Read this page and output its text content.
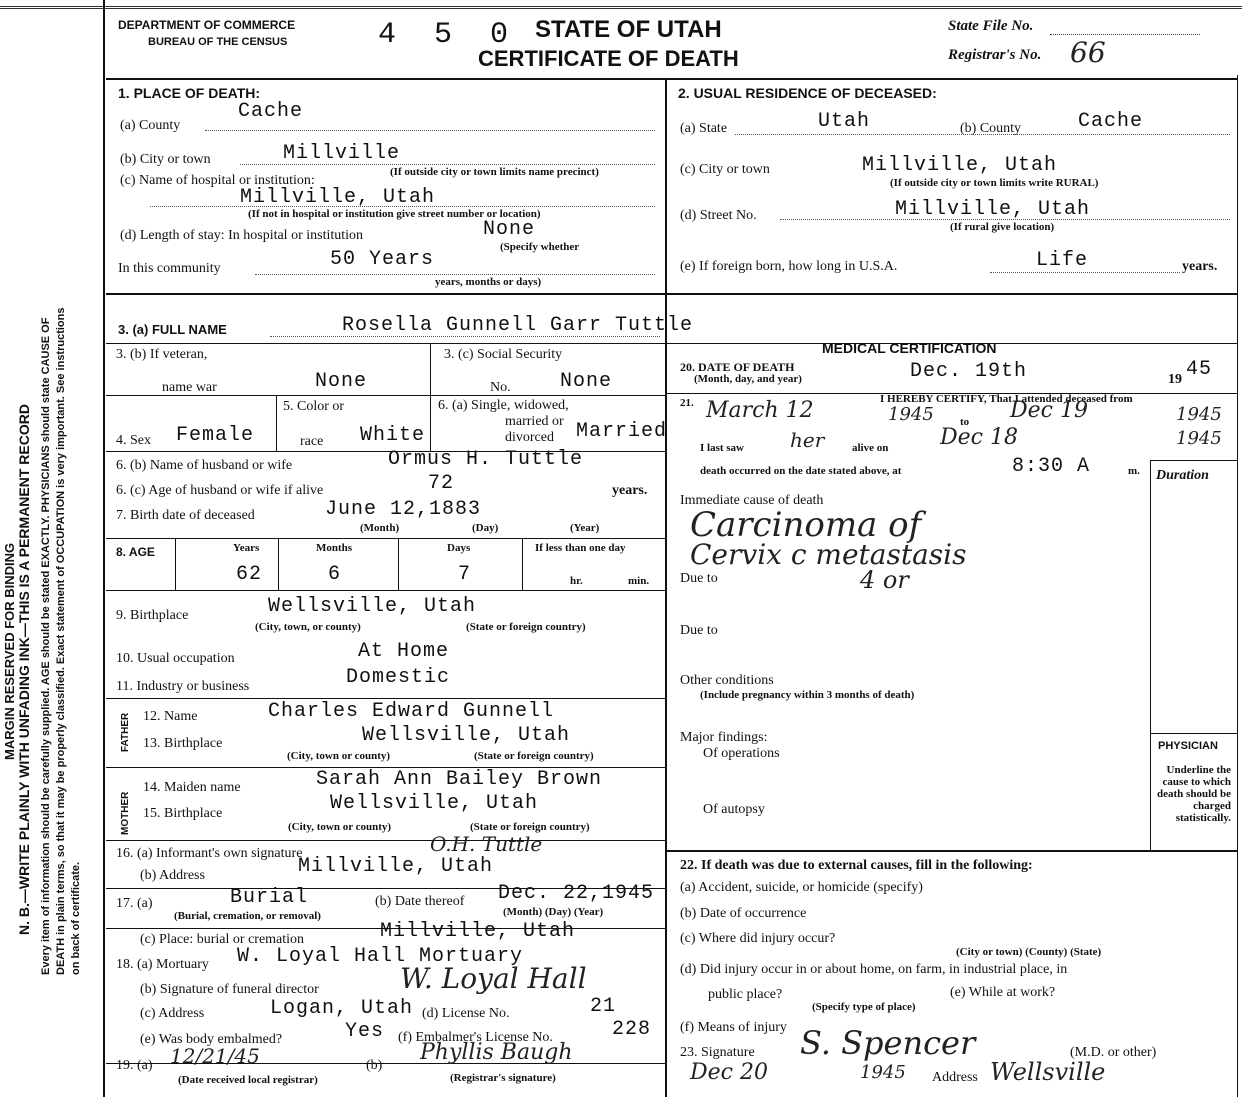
MARGIN RESERVED FOR BINDING N. B.—WRITE PLAINLY WITH UNFADING INK—THIS IS A PERMANENT RECORD Every item of information should be carefully supplied. AGE should be stated EXACTLY. PHYSICIANS should state CAUSE OF DEATH in plain terms, so that it may be properly classified. Exact statement of OCCUPATION is very important. See instructions on back of certificate.
DEPARTMENT OF COMMERCE
BUREAU OF THE CENSUS	4 5 0 STATE OF UTAH
CERTIFICATE OF DEATH
State File No.
Registrar's No. 66
1. PLACE OF DEATH:
(a) County
Cache
(b) City or town	Millville
(c) Name of hospital or institution:
(If outside city or town limits name precinct)
Millville, Utah
(If not in hospital or institution give street number or location)
(d) Length of stay: In hospital or institution	None
(Specify whether
In this community	50 Years
years, months or days)
2. USUAL RESIDENCE OF DECEASED:
(a) State	Utah	(b) County	Cache
(c) City or town	Millville, Utah
(If outside city or town limits write RURAL)
(d) Street No.	Millville, Utah
(If rural give location)
(e) If foreign born, how long in U.S.A.	Life	years.
3. (a) FULL NAME	Rosella Gunnell Garr Tuttle
3. (b) If veteran,
name war	None
3. (c) Social Security
No. None
4. Sex Female
5. Color or
race White
6. (a) Single, widowed,
married or
divorced Married
6. (b) Name of husband or wife	Ormus H. Tuttle
6. (c) Age of husband or wife if alive	72	years.
7. Birth date of deceased	June 12,1883
(Month)	(Day)	(Year)
8. AGE	Years	Months	Days	If less than one day
62	6	7	hr.	min.
9. Birthplace	Wellsville, Utah
(City, town, or county)	(State or foreign country)
10. Usual occupation	At Home
11. Industry or business	Domestic
FATHER
MOTHER
12. Name	Charles Edward Gunnell
13. Birthplace	Wellsville, Utah
(City, town or county)	(State or foreign country)
14. Maiden name	Sarah Ann Bailey Brown
15. Birthplace	Wellsville, Utah
(City, town or county)	(State or foreign country)
16. (a) Informant's own signature	O.H. Tuttle
(b) Address	Millville, Utah
17. (a)	Burial
(Burial, cremation, or removal)
(b) Date thereof Dec. 22,1945
(Month) (Day) (Year)
(c) Place: burial or cremation	Millville, Utah
18. (a) Mortuary W. Loyal Hall Mortuary
(b) Signature of funeral director	W. Loyal Hall
(c) Address	Logan, Utah (d) License No.	21
(e) Was body embalmed?	Yes (f) Embalmer's License No.	228
19. (a) 12/21/45
(Date received local registrar)
(b)
Phyllis Baugh
(Registrar's signature)
MEDICAL CERTIFICATION
20. DATE OF DEATH
(Month, day, and year)	Dec. 19th	19 45
21.	I HEREBY CERTIFY, That I attended deceased from
March 12	1945 to Dec 19	1945
I last saw her	alive on Dec 18	1945
death occurred on the date stated above, at	8:30 A	m. Duration
Immediate cause of death
Carcinoma of
Cervix c metastasis
4 or
Due to
Due to
Other conditions
(Include pregnancy within 3 months of death)
Major findings:
Of operations
Of autopsy
PHYSICIAN
Underline the cause to which death should be charged statistically.
22. If death was due to external causes, fill in the following:
(a) Accident, suicide, or homicide (specify)
(b) Date of occurrence
(c) Where did injury occur?
(City or town) (County) (State)
(d) Did injury occur in or about home, on farm, in industrial place, in
public place?
(Specify type of place)
(e) While at work?
(f) Means of injury
23. Signature S. Spencer	(M.D. or other)
Dec 20	1945 Address Wellsville
